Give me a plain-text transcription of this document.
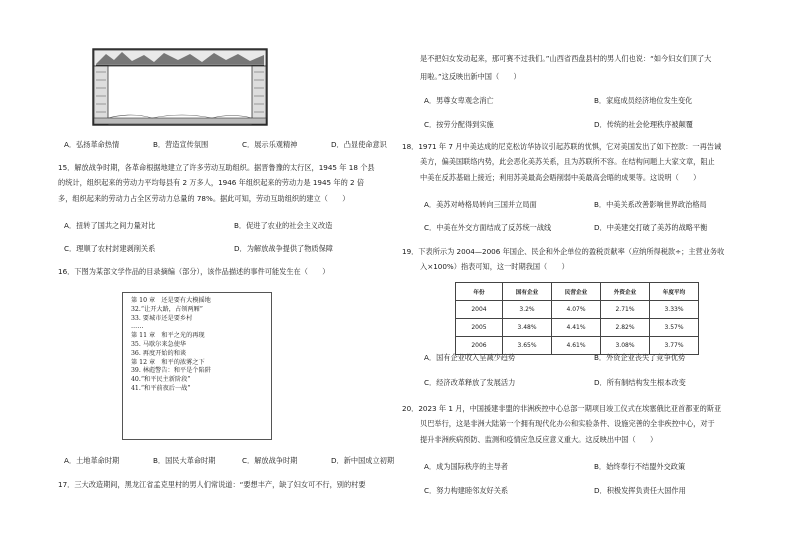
A．弘扬革命热情	B．营造宣传氛围	C．展示乐观精神	D．凸显使命意识
15．解放战争时期，各革命根据地建立了许多劳动互助组织。据晋鲁豫的太行区，1945 年 18 个县
的统计，组织起来的劳动力平均每县有 2 万多人，1946 年组织起来的劳动力是 1945 年的 2 倍
多，组织起来的劳动力占全区劳动力总量的 78%。据此可知，劳动互助组织的建立（　　）
A．扭转了国共之间力量对比	B．促进了农业的社会主义改造
C．理顺了农村封建剥削关系	D．为解放战争提供了物质保障
16．下图为某部文学作品的目录摘编（部分），该作品描述的事件可能发生在（　　）
A．土地革命时期	B．国民大革命时期	C．解放战争时期	D．新中国成立初期
17．三大改造期间，黑龙江省孟克里村的男人们常说道：“要想丰产，缺了妇女可不行，别的村要
第 10 章　还是要有大模摇地
32.“让开大路，占领两厢”
33. 要城市还是要乡村
……
第 11 章　和平之光的再现
35. 马歇尔来急使华
36. 再度开始的和谈
第 12 章　和平的浓雾之下
39. 林彪警告：和平是个陷阱
40.“和平民主新阶段”
41.“和平前夜后一战”
是不把妇女发动起来，那可赛不过我们。”山西省西盘县村的男人们也说：“如今妇女们顶了大
用啦。”这反映出新中国（　　）
A．男尊女卑观念消亡	B．家庭成员经济地位发生变化
C．按劳分配得到实施	D．传统的社会伦理秩序被颠覆
18．1971 年 7 月中美达成的尼克松访华协议引起苏联的忧惧，它对美国发出了如下控款：一再告诫
美方，偏美国联络内势，此会恶化美苏关系，且为苏联所不容。在结构问题上大家文章，阻止
中美在反苏基础上接近；利用苏美最高会晤削弱中美最高会晤的成果等。这说明（　　）
A．美苏对峙格局转向三国并立局面	B．中美关系改善影响世界政治格局
C．中美在外交方面结成了反苏统一战线	D．中美建交打破了美苏的战略平衡
19．下表所示为 2004—2006 年国企、民企和外企单位的盈税贡献率（应纳所得税款÷；主营业务收
入×100%）指表可知，这一时期我国（　　）
A．国有企业收入呈减少趋势	B．外资企业丧失了竞争优势
C．经济改革释放了发展活力	D．所有制结构发生根本改变
20．2023 年 1 月，中国援建非盟的非洲疾控中心总部一期项目竣工仪式在埃塞俄比亚首都亚的斯亚
贝巴举行，这是非洲大陆第一个拥有现代化办公和实验条件、设施完善的全非疾控中心，对于
提升非洲疾病预防、监测和疫情应急反应意义重大。这反映出中国（　　）
A．成为国际秩序的主导者	B．始终奉行不结盟外交政策
C．努力构建睦邻友好关系	D．积极发挥负责任大国作用
年份	国有企业	民营企业	外资企业	年度平均
2004	3.2%	4.07%	2.71%	3.33%
2005	3.48%	4.41%	2.82%	3.57%
2006	3.65%	4.61%	3.08%	3.77%
